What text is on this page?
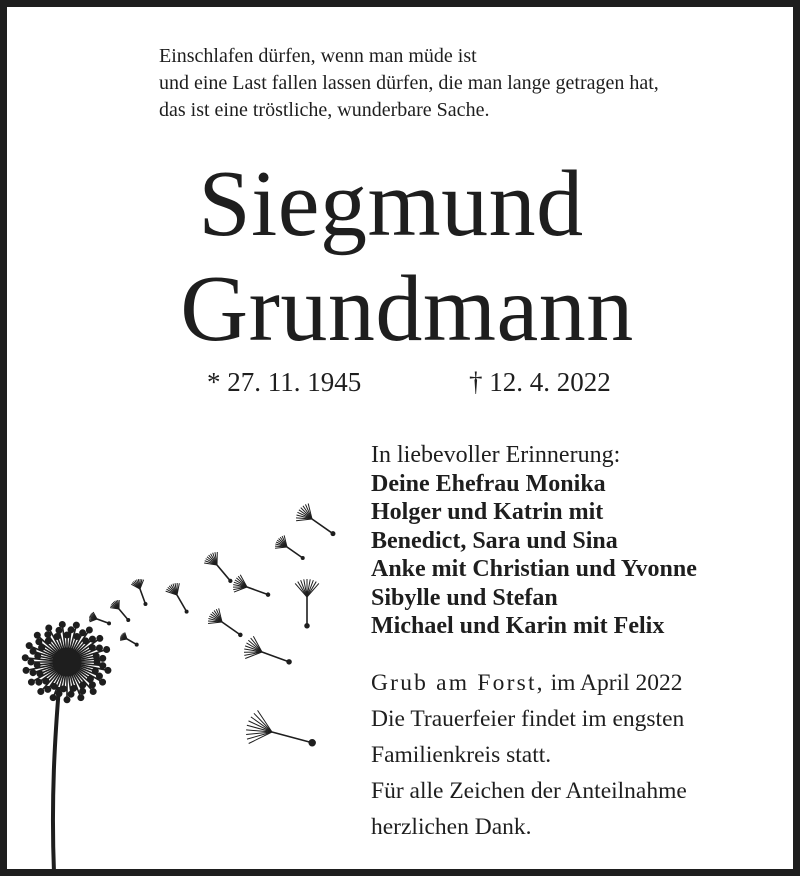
Einschlafen dürfen, wenn man müde ist
und eine Last fallen lassen dürfen, die man lange getragen hat,
das ist eine tröstliche, wunderbare Sache.
Siegmund
Grundmann
* 27. 11. 1945	† 12. 4. 2022
In liebevoller Erinnerung:
Deine Ehefrau Monika
Holger und Katrin mit
Benedict, Sara und Sina
Anke mit Christian und Yvonne
Sibylle und Stefan
Michael und Karin mit Felix
Grub am Forst, im April 2022
Die Trauerfeier findet im engsten
Familienkreis statt.
Für alle Zeichen der Anteilnahme
herzlichen Dank.
